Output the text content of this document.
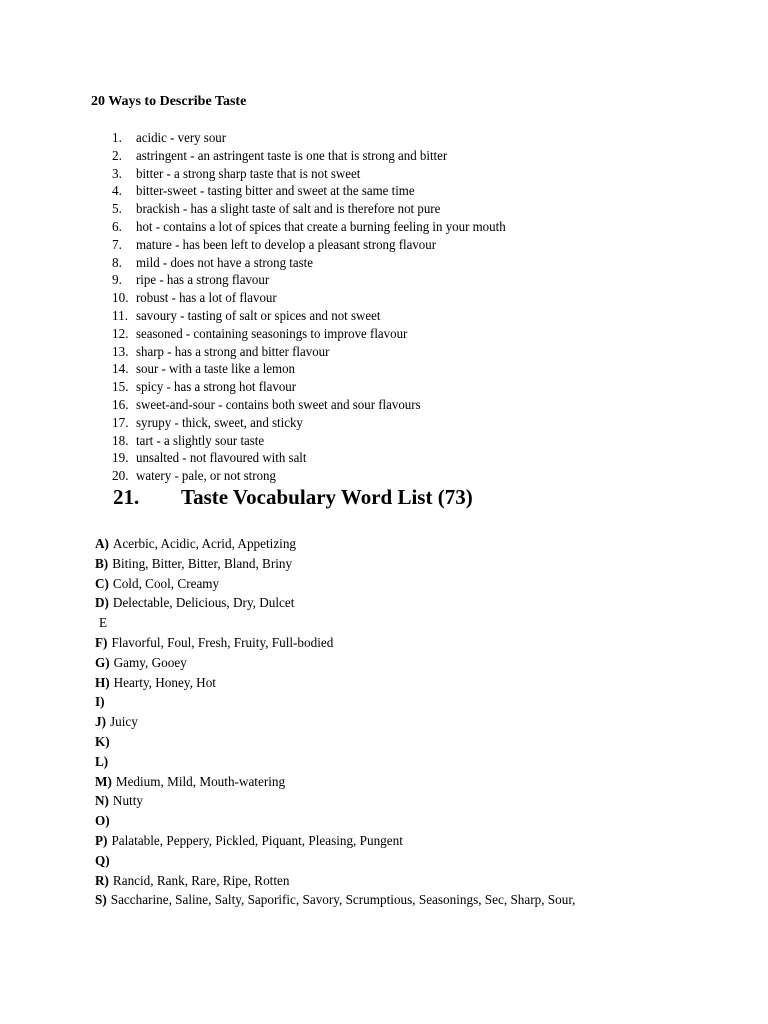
20 Ways to Describe Taste
1. acidic - very sour
2. astringent - an astringent taste is one that is strong and bitter
3. bitter - a strong sharp taste that is not sweet
4. bitter-sweet - tasting bitter and sweet at the same time
5. brackish - has a slight taste of salt and is therefore not pure
6. hot - contains a lot of spices that create a burning feeling in your mouth
7. mature - has been left to develop a pleasant strong flavour
8. mild - does not have a strong taste
9. ripe - has a strong flavour
10. robust - has a lot of flavour
11. savoury - tasting of salt or spices and not sweet
12. seasoned - containing seasonings to improve flavour
13. sharp - has a strong and bitter flavour
14. sour - with a taste like a lemon
15. spicy - has a strong hot flavour
16. sweet-and-sour - contains both sweet and sour flavours
17. syrupy - thick, sweet, and sticky
18. tart - a slightly sour taste
19. unsalted - not flavoured with salt
20. watery - pale, or not strong
21. Taste Vocabulary Word List (73)
A) Acerbic, Acidic, Acrid, Appetizing
B) Biting, Bitter, Bitter, Bland, Briny
C) Cold, Cool, Creamy
D) Delectable, Delicious, Dry, Dulcet
E
F) Flavorful, Foul, Fresh, Fruity, Full-bodied
G) Gamy, Gooey
H) Hearty, Honey, Hot
I)
J) Juicy
K)
L)
M) Medium, Mild, Mouth-watering
N) Nutty
O)
P) Palatable, Peppery, Pickled, Piquant, Pleasing, Pungent
Q)
R) Rancid, Rank, Rare, Ripe, Rotten
S) Saccharine, Saline, Salty, Saporific, Savory, Scrumptious, Seasonings, Sec, Sharp, Sour,
